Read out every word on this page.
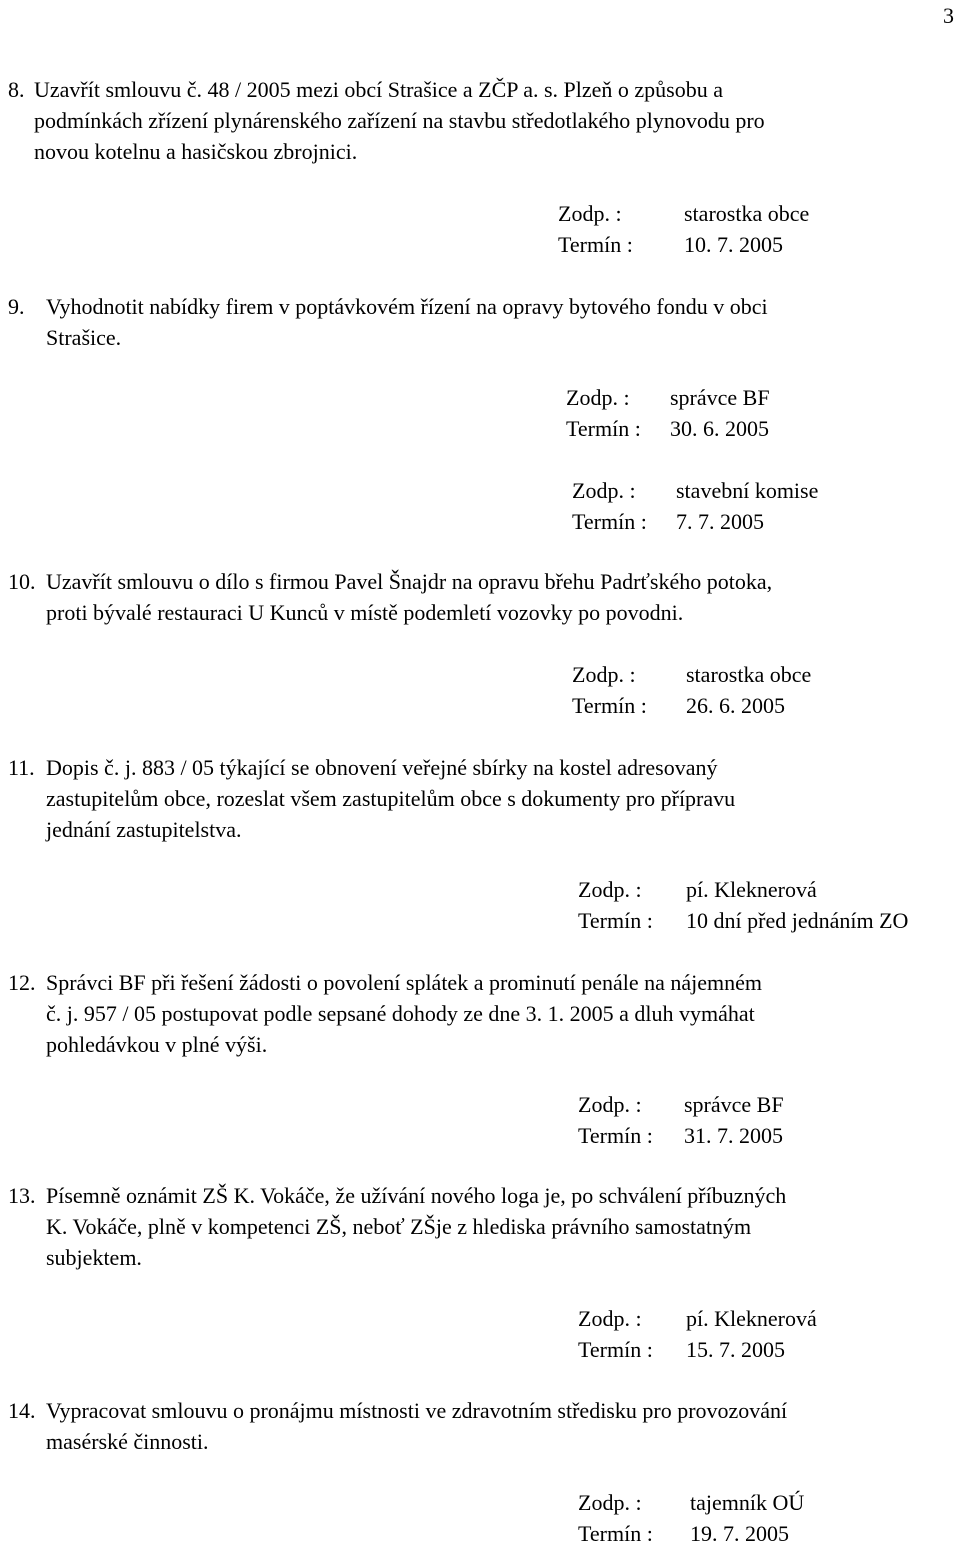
3
8. Uzavřít smlouvu č. 48 / 2005 mezi obcí Strašice a ZČP a. s. Plzeň o způsobu a
podmínkách zřízení plynárenského zařízení na stavbu středotlakého plynovodu pro
novou kotelnu a hasičskou zbrojnici.
Zodp. :	starostka obce
Termín : 10. 7. 2005
9. Vyhodnotit nabídky firem v poptávkovém řízení na opravy bytového fondu v obci
Strašice.
Zodp. : správce BF
Termín : 30. 6. 2005
Zodp. : stavební komise
Termín : 7. 7. 2005
10. Uzavřít smlouvu o dílo s firmou Pavel Šnajdr na opravu břehu Padrťského potoka,
proti bývalé restauraci U Kunců v místě podemletí vozovky po povodni.
Zodp. : starostka obce
Termín : 26. 6. 2005
11. Dopis č. j. 883 / 05 týkající se obnovení veřejné sbírky na kostel adresovaný
zastupitelům obce, rozeslat všem zastupitelům obce s dokumenty pro přípravu
jednání zastupitelstva.
Zodp. : pí. Kleknerová
Termín : 10 dní před jednáním ZO
12. Správci BF při řešení žádosti o povolení splátek a prominutí penále na nájemném
č. j. 957 / 05 postupovat podle sepsané dohody ze dne 3. 1. 2005 a dluh vymáhat
pohledávkou v plné výši.
Zodp. : správce BF
Termín : 31. 7. 2005
13. Písemně oznámit ZŠ K. Vokáče, že užívání nového loga je, po schválení příbuzných
K. Vokáče, plně v kompetenci ZŠ, neboť ZŠje z hlediska právního samostatným
subjektem.
Zodp. : pí. Kleknerová
Termín : 15. 7. 2005
14. Vypracovat smlouvu o pronájmu místnosti ve zdravotním středisku pro provozování
masérské činnosti.
Zodp. : tajemník OÚ
Termín : 19. 7. 2005
